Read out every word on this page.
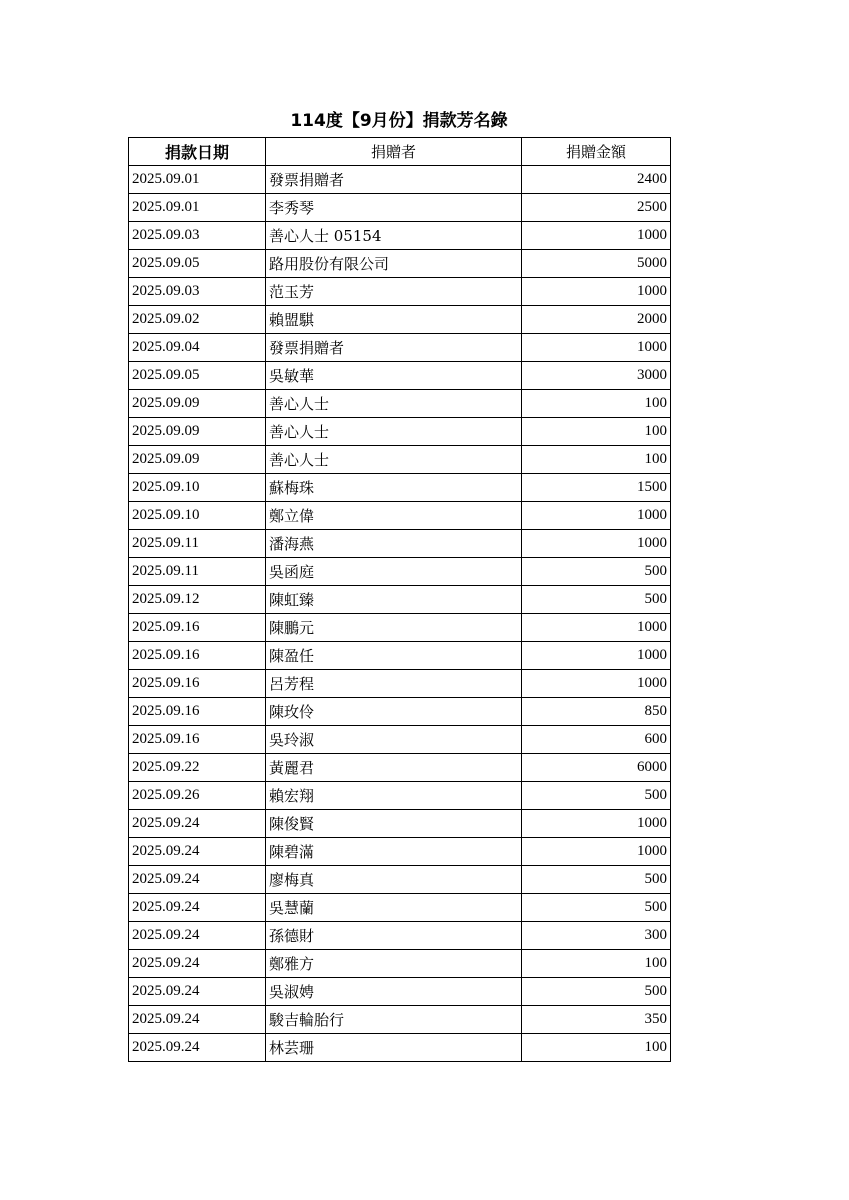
114度【9月份】捐款芳名錄
捐款日期	捐贈者	捐贈金額
2025.09.01	發票捐贈者	2400
2025.09.01	李秀琴	2500
2025.09.03	善心人士 05154	1000
2025.09.05	路用股份有限公司	5000
2025.09.03	范玉芳	1000
2025.09.02	賴盟騏	2000
2025.09.04	發票捐贈者	1000
2025.09.05	吳敏華	3000
2025.09.09	善心人士	100
2025.09.09	善心人士	100
2025.09.09	善心人士	100
2025.09.10	蘇梅珠	1500
2025.09.10	鄭立偉	1000
2025.09.11	潘海燕	1000
2025.09.11	吳函庭	500
2025.09.12	陳虹臻	500
2025.09.16	陳鵬元	1000
2025.09.16	陳盈任	1000
2025.09.16	呂芳程	1000
2025.09.16	陳玫伶	850
2025.09.16	吳玲淑	600
2025.09.22	黃麗君	6000
2025.09.26	賴宏翔	500
2025.09.24	陳俊賢	1000
2025.09.24	陳碧滿	1000
2025.09.24	廖梅真	500
2025.09.24	吳慧蘭	500
2025.09.24	孫德財	300
2025.09.24	鄭雅方	100
2025.09.24	吳淑娉	500
2025.09.24	駿吉輪胎行	350
2025.09.24	林芸珊	100
